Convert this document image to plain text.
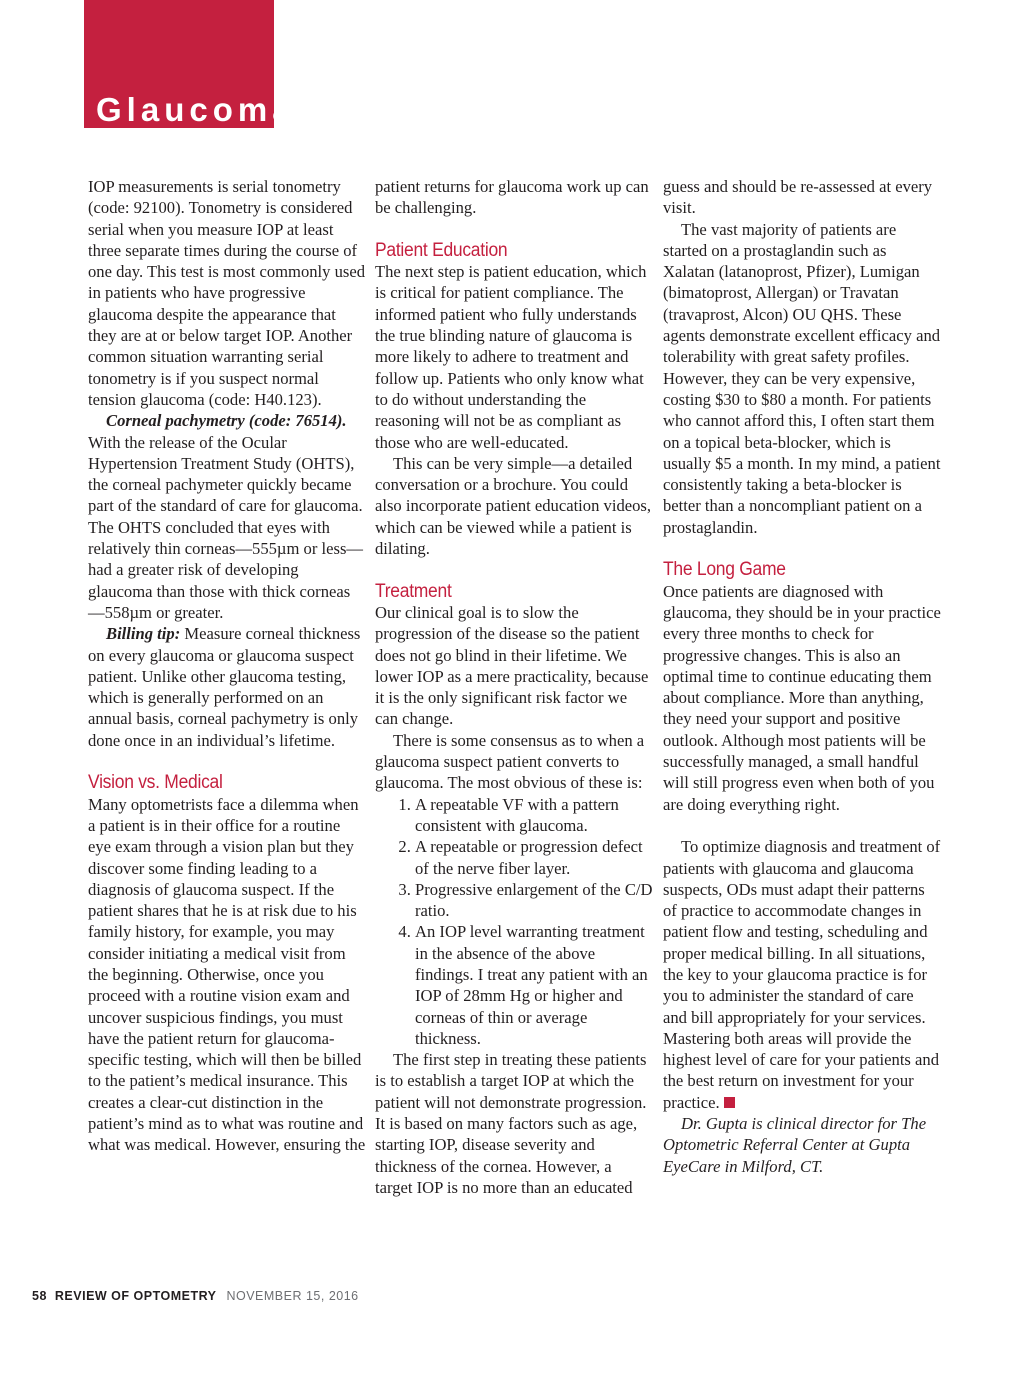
Glaucoma

IOP measurements is serial tonometry (code: 92100). Tonometry is considered serial when you measure IOP at least three separate times during the course of one day. This test is most commonly used in patients who have progressive glaucoma despite the appearance that they are at or below target IOP. Another common situation warranting serial tonometry is if you suspect normal tension glaucoma (code: H40.123).

Corneal pachymetry (code: 76514). With the release of the Ocular Hypertension Treatment Study (OHTS), the corneal pachymeter quickly became part of the standard of care for glaucoma. The OHTS concluded that eyes with relatively thin corneas—555µm or less—had a greater risk of developing glaucoma than those with thick corneas—558µm or greater.

Billing tip: Measure corneal thickness on every glaucoma or glaucoma suspect patient. Unlike other glaucoma testing, which is generally performed on an annual basis, corneal pachymetry is only done once in an individual’s lifetime.

Vision vs. Medical

Many optometrists face a dilemma when a patient is in their office for a routine eye exam through a vision plan but they discover some finding leading to a diagnosis of glaucoma suspect. If the patient shares that he is at risk due to his family history, for example, you may consider initiating a medical visit from the beginning. Otherwise, once you proceed with a routine vision exam and uncover suspicious findings, you must have the patient return for glaucoma-specific testing, which will then be billed to the patient’s medical insurance. This creates a clear-cut distinction in the patient’s mind as to what was routine and what was medical. However, ensuring the

patient returns for glaucoma work up can be challenging.

Patient Education

The next step is patient education, which is critical for patient compliance. The informed patient who fully understands the true blinding nature of glaucoma is more likely to adhere to treatment and follow up. Patients who only know what to do without understanding the reasoning will not be as compliant as those who are well-educated.

This can be very simple—a detailed conversation or a brochure. You could also incorporate patient education videos, which can be viewed while a patient is dilating.

Treatment

Our clinical goal is to slow the progression of the disease so the patient does not go blind in their lifetime. We lower IOP as a mere practicality, because it is the only significant risk factor we can change.

There is some consensus as to when a glaucoma suspect patient converts to glaucoma. The most obvious of these is:

1. A repeatable VF with a pattern consistent with glaucoma.
2. A repeatable or progression defect of the nerve fiber layer.
3. Progressive enlargement of the C/D ratio.
4. An IOP level warranting treatment in the absence of the above findings. I treat any patient with an IOP of 28mm Hg or higher and corneas of thin or average thickness.

The first step in treating these patients is to establish a target IOP at which the patient will not demonstrate progression. It is based on many factors such as age, starting IOP, disease severity and thickness of the cornea. However, a target IOP is no more than an educated

guess and should be re-assessed at every visit.

The vast majority of patients are started on a prostaglandin such as Xalatan (latanoprost, Pfizer), Lumigan (bimatoprost, Allergan) or Travatan (travaprost, Alcon) OU QHS. These agents demonstrate excellent efficacy and tolerability with great safety profiles. However, they can be very expensive, costing $30 to $80 a month. For patients who cannot afford this, I often start them on a topical beta-blocker, which is usually $5 a month. In my mind, a patient consistently taking a beta-blocker is better than a noncompliant patient on a prostaglandin.

The Long Game

Once patients are diagnosed with glaucoma, they should be in your practice every three months to check for progressive changes. This is also an optimal time to continue educating them about compliance. More than anything, they need your support and positive outlook. Although most patients will be successfully managed, a small handful will still progress even when both of you are doing everything right.

To optimize diagnosis and treatment of patients with glaucoma and glaucoma suspects, ODs must adapt their patterns of practice to accommodate changes in patient flow and testing, scheduling and proper medical billing. In all situations, the key to your glaucoma practice is for you to administer the standard of care and bill appropriately for your services. Mastering both areas will provide the highest level of care for your patients and the best return on investment for your practice.

Dr. Gupta is clinical director for The Optometric Referral Center at Gupta EyeCare in Milford, CT.

58 REVIEW OF OPTOMETRY NOVEMBER 15, 2016
